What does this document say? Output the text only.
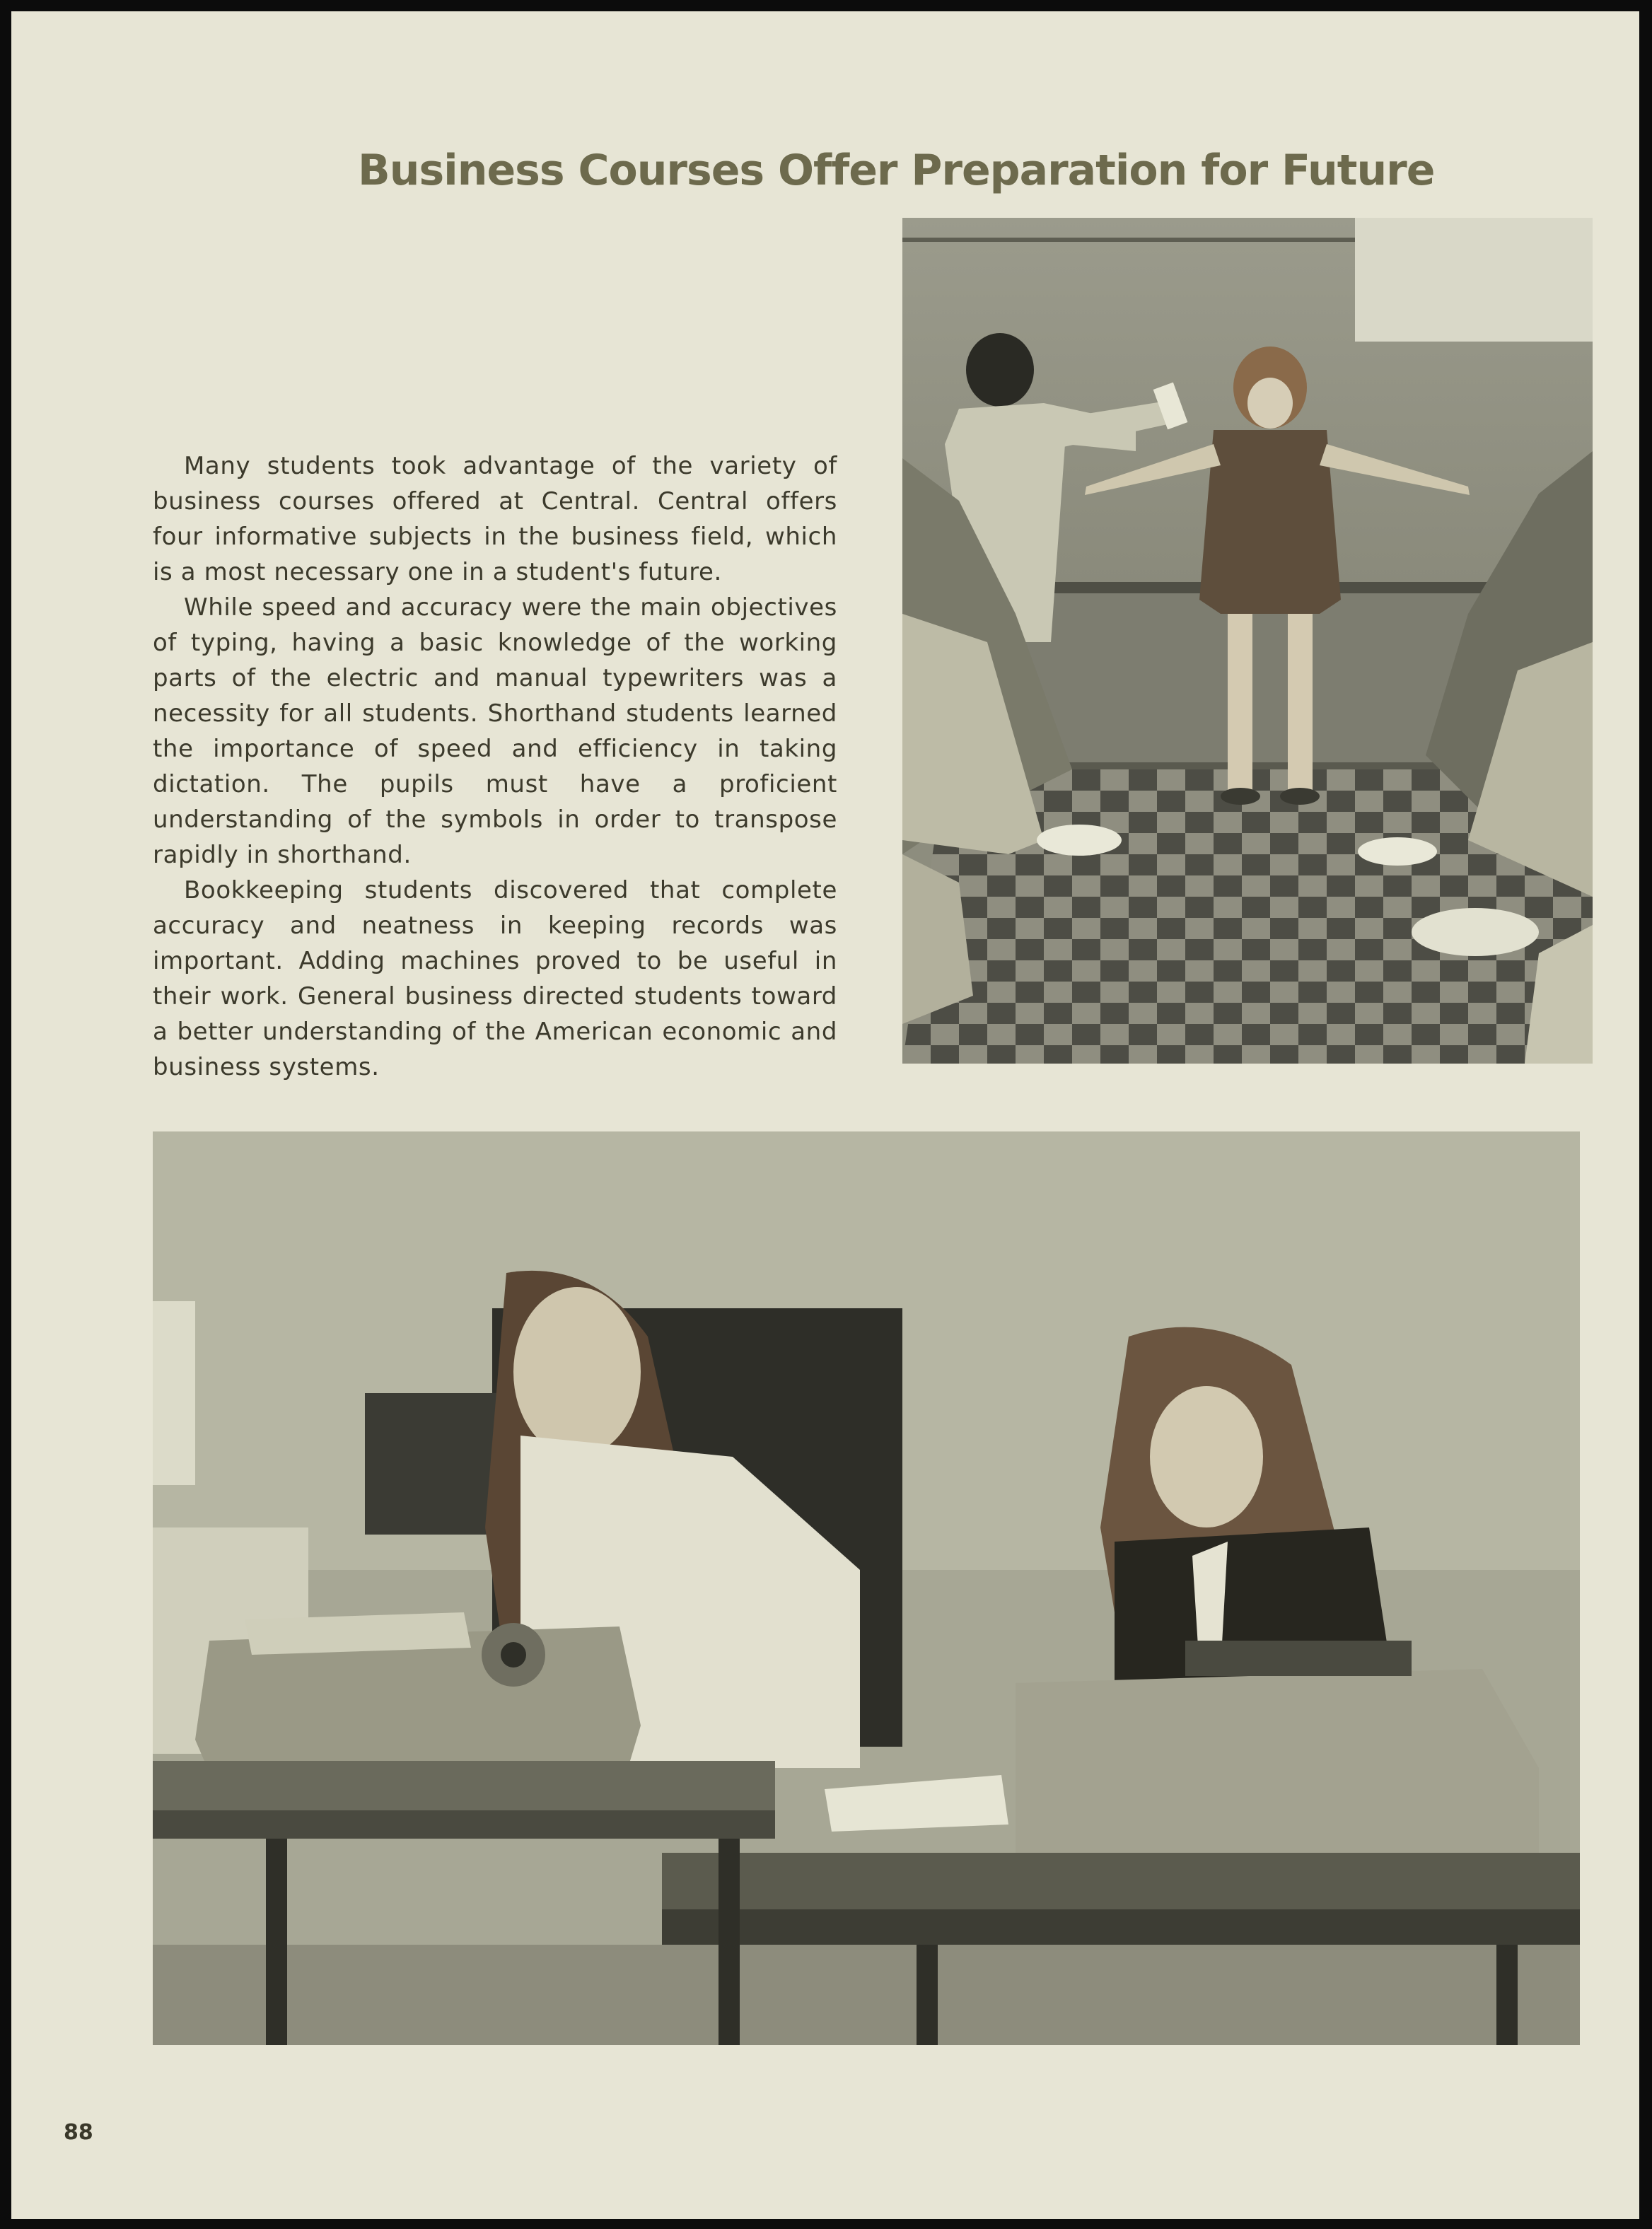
Business Courses Offer Preparation for Future

Many students took advantage of the variety of business courses offered at Central. Central offers four informative subjects in the business field, which is a most necessary one in a student's future.

While speed and accuracy were the main objectives of typing, having a basic knowledge of the working parts of the electric and manual typewriters was a necessity for all students. Shorthand students learned the importance of speed and efficiency in taking dictation. The pupils must have a proficient understanding of the symbols in order to transpose rapidly in shorthand.

Bookkeeping students discovered that complete accuracy and neatness in keeping records was important. Adding machines proved to be useful in their work. General business directed students toward a better understanding of the American economic and business systems.

88
